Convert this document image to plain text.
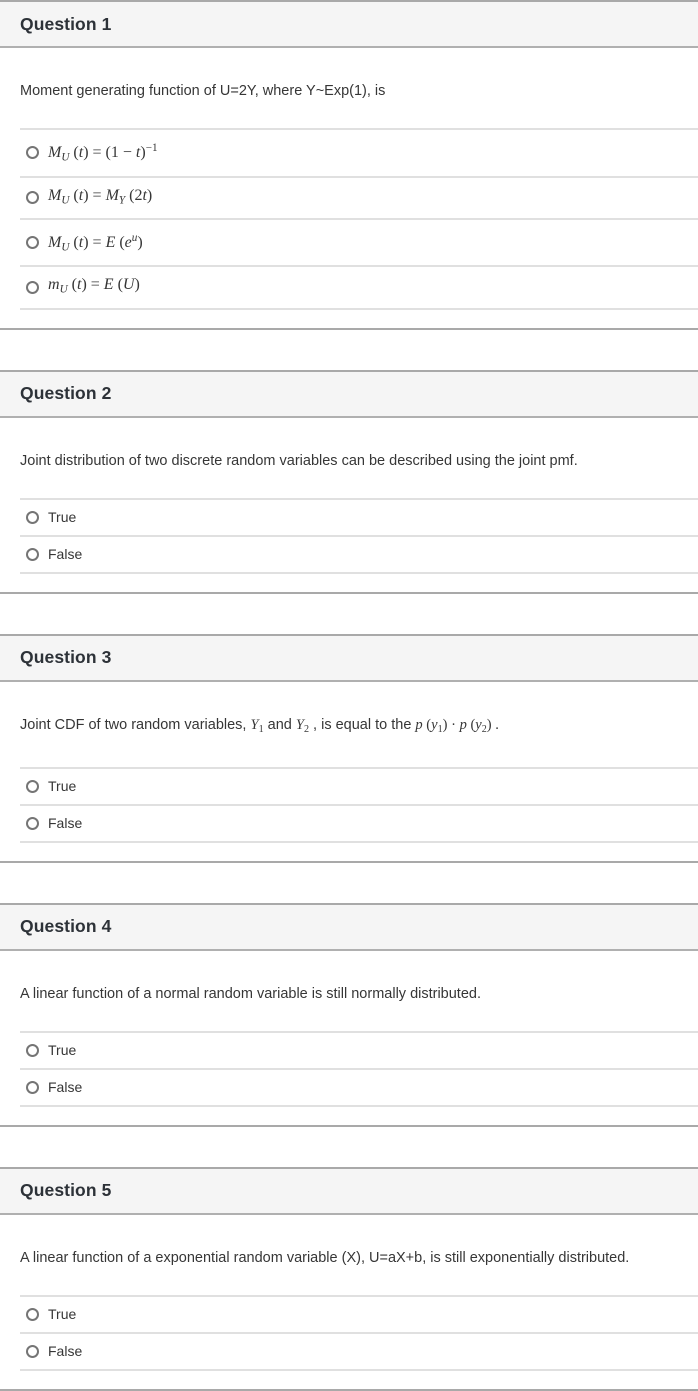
Question 1

Moment generating function of U=2Y, where Y~Exp(1), is

$M_U$ $(t) = (1 - t)^{-1}$
$M_U$ $(t) = M_Y$ (2t)
$M_U$ (t) = E $(e^u)$
$m_U$ (t) = E (U)
Question 2

Joint distribution of two discrete random variables can be described using the joint pmf.

True
False
Question 3

Joint CDF of two random variables, $Y_1$ and $Y_2$ , is equal to the p $(y_1) \cdot p$ $(y_2)$ .

True
False
Question 4

A linear function of a normal random variable is still normally distributed.

True
False
Question 5

A linear function of a exponential random variable (X), U=aX+b, is still exponentially distributed.

True
False
